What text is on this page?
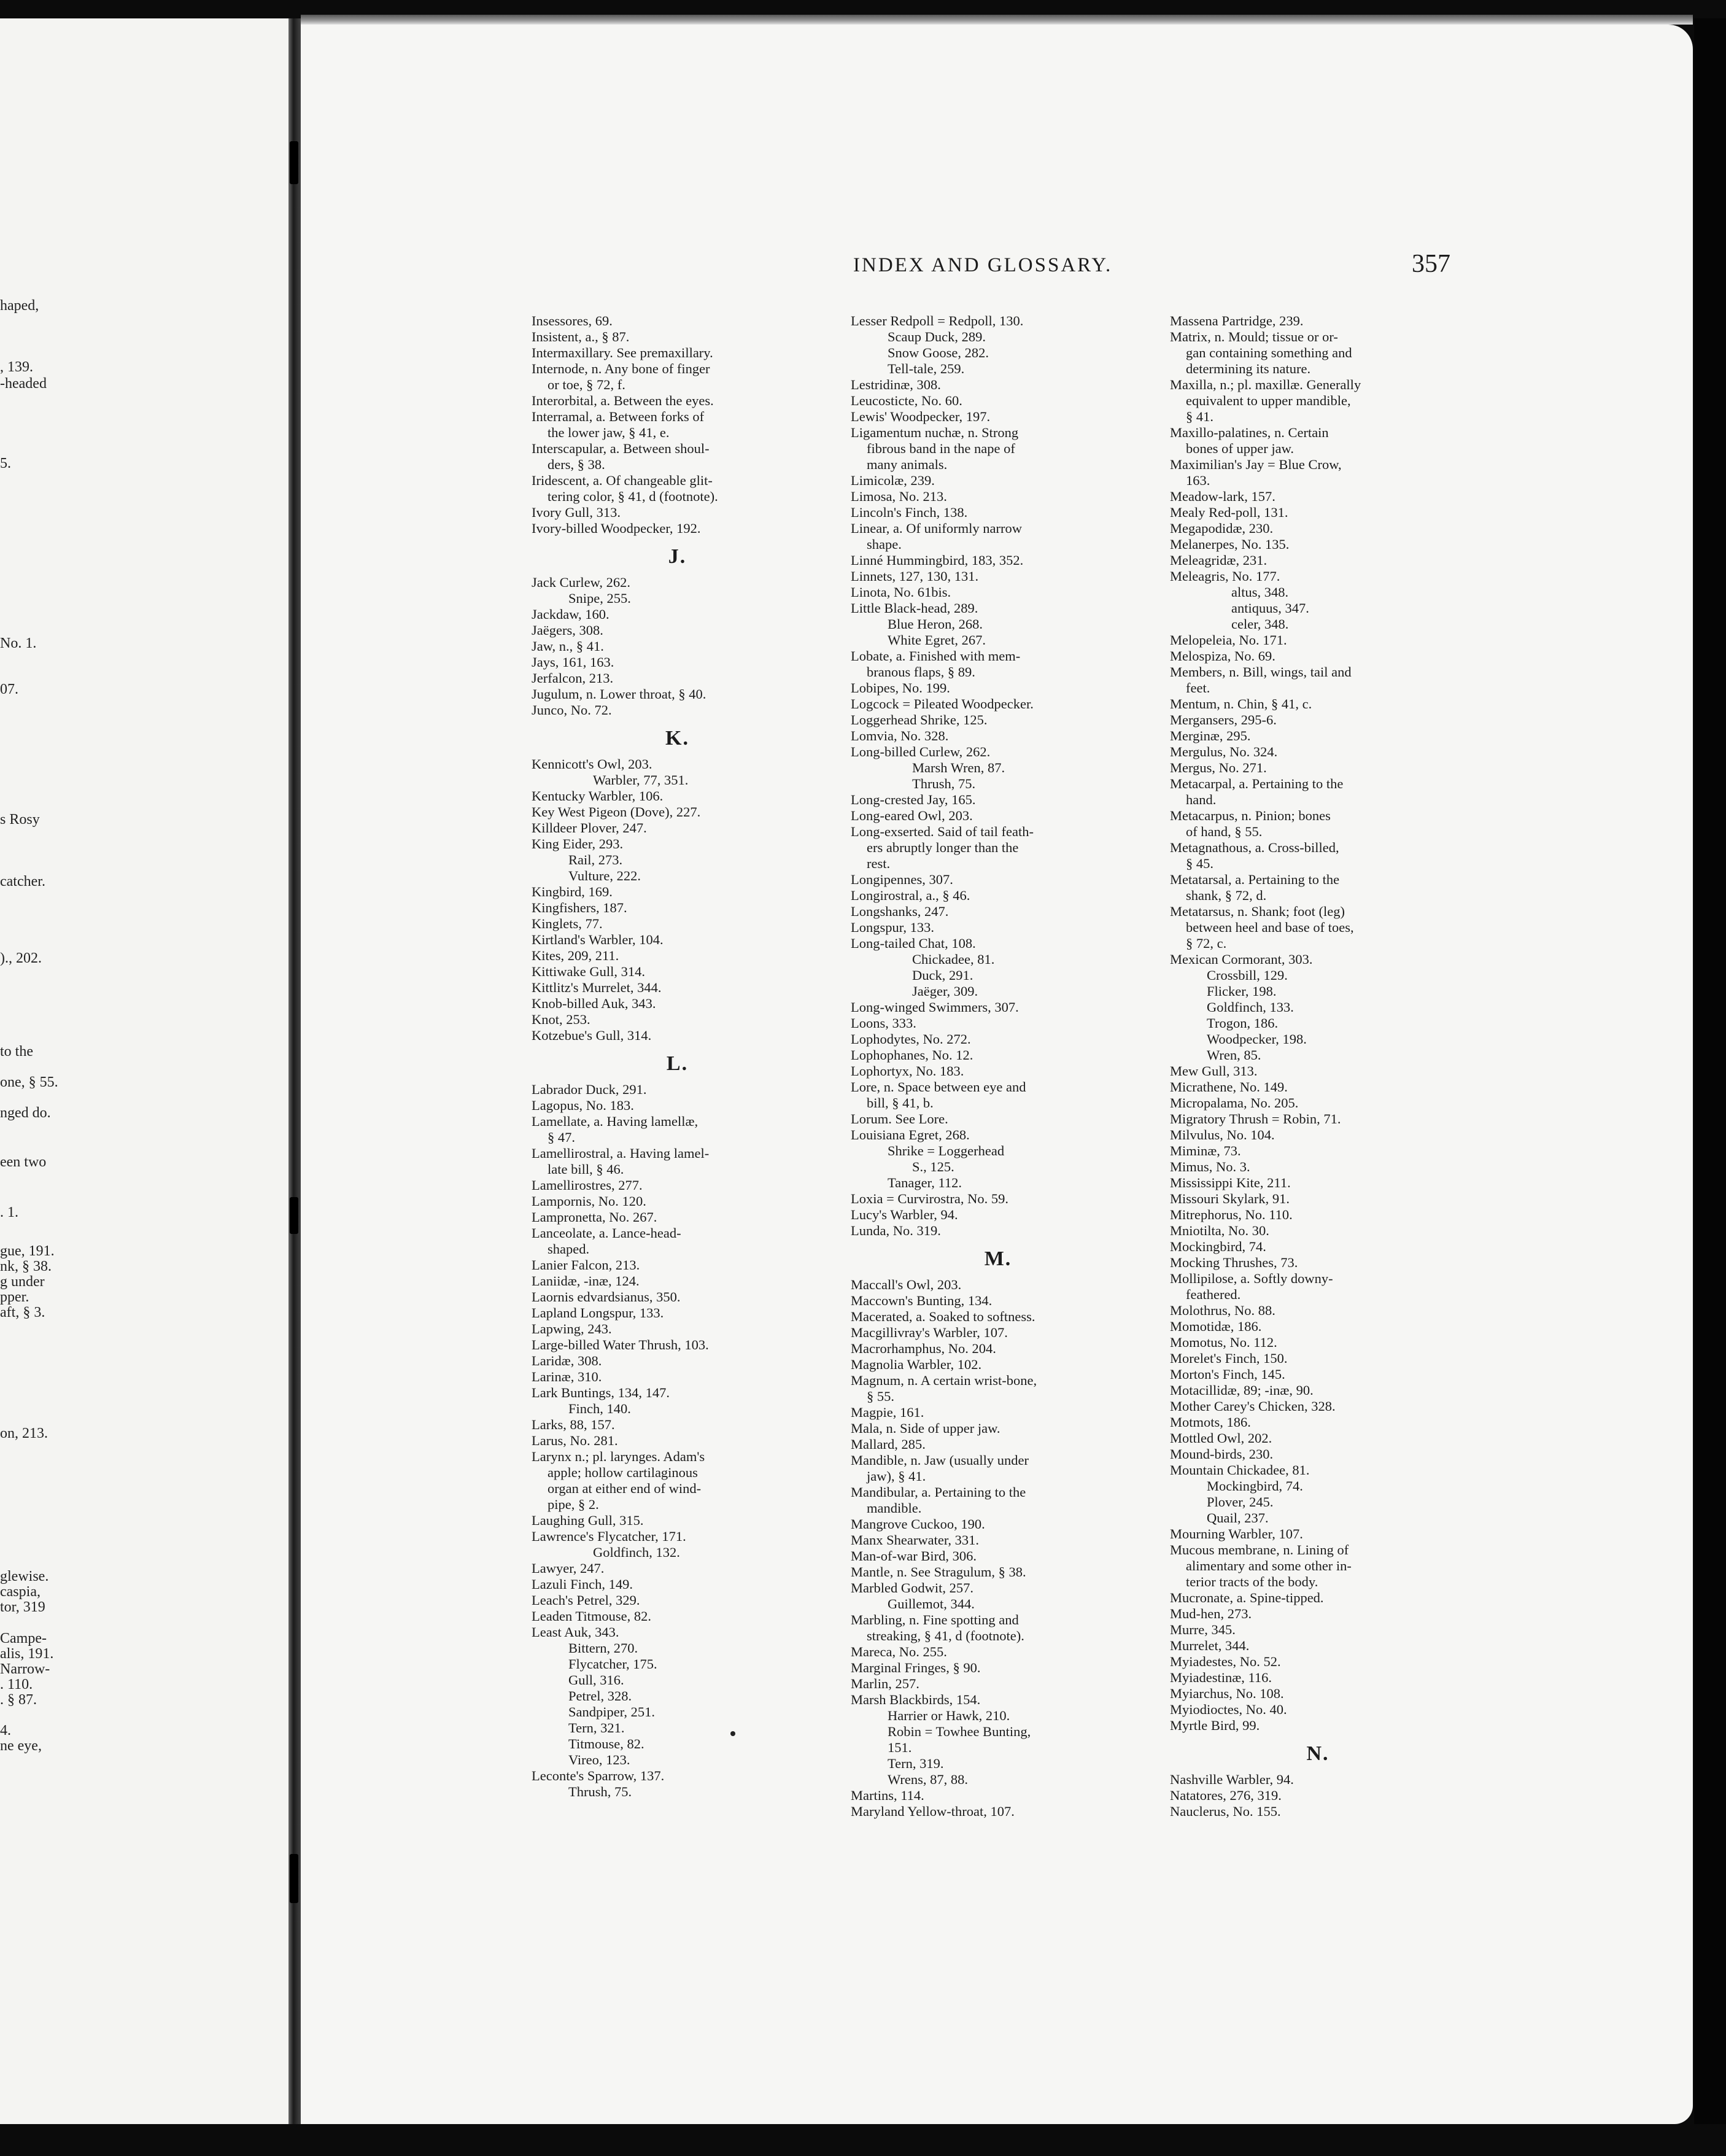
haped,
, 139.
-headed
5.
No. 1.
07.
s Rosy
catcher.
)., 202.
to the
one, § 55.
nged do.
een two
. 1.
gue, 191.
nk, § 38.
g under
pper.
aft, § 3.
on, 213.
glewise.
caspia,
tor, 319
Campe-
alis, 191.
Narrow-
. 110.
. § 87.
4.
ne eye,
INDEX AND GLOSSARY.	357
Insessores, 69.
Insistent, a., § 87.
Intermaxillary. See premaxillary.
Internode, n. Any bone of finger
or toe, § 72, f.
Interorbital, a. Between the eyes.
Interramal, a. Between forks of
the lower jaw, § 41, e.
Interscapular, a. Between shoul-
ders, § 38.
Iridescent, a. Of changeable glit-
tering color, § 41, d (footnote).
Ivory Gull, 313.
Ivory-billed Woodpecker, 192.
J.
Jack Curlew, 262.
Snipe, 255.
Jackdaw, 160.
Jaëgers, 308.
Jaw, n., § 41.
Jays, 161, 163.
Jerfalcon, 213.
Jugulum, n. Lower throat, § 40.
Junco, No. 72.
K.
Kennicott's Owl, 203.
Warbler, 77, 351.
Kentucky Warbler, 106.
Key West Pigeon (Dove), 227.
Killdeer Plover, 247.
King Eider, 293.
Rail, 273.
Vulture, 222.
Kingbird, 169.
Kingfishers, 187.
Kinglets, 77.
Kirtland's Warbler, 104.
Kites, 209, 211.
Kittiwake Gull, 314.
Kittlitz's Murrelet, 344.
Knob-billed Auk, 343.
Knot, 253.
Kotzebue's Gull, 314.
L.
Labrador Duck, 291.
Lagopus, No. 183.
Lamellate, a. Having lamellæ,
§ 47.
Lamellirostral, a. Having lamel-
late bill, § 46.
Lamellirostres, 277.
Lampornis, No. 120.
Lampronetta, No. 267.
Lanceolate, a. Lance-head-
shaped.
Lanier Falcon, 213.
Laniidæ, -inæ, 124.
Laornis edvardsianus, 350.
Lapland Longspur, 133.
Lapwing, 243.
Large-billed Water Thrush, 103.
Laridæ, 308.
Larinæ, 310.
Lark Buntings, 134, 147.
Finch, 140.
Larks, 88, 157.
Larus, No. 281.
Larynx n.; pl. larynges. Adam's
apple; hollow cartilaginous
organ at either end of wind-
pipe, § 2.
Laughing Gull, 315.
Lawrence's Flycatcher, 171.
Goldfinch, 132.
Lawyer, 247.
Lazuli Finch, 149.
Leach's Petrel, 329.
Leaden Titmouse, 82.
Least Auk, 343.
Bittern, 270.
Flycatcher, 175.
Gull, 316.
Petrel, 328.
Sandpiper, 251.
Tern, 321.
Titmouse, 82.
Vireo, 123.
Leconte's Sparrow, 137.
Thrush, 75.
Lesser Redpoll = Redpoll, 130.
Scaup Duck, 289.
Snow Goose, 282.
Tell-tale, 259.
Lestridinæ, 308.
Leucosticte, No. 60.
Lewis' Woodpecker, 197.
Ligamentum nuchæ, n. Strong
fibrous band in the nape of
many animals.
Limicolæ, 239.
Limosa, No. 213.
Lincoln's Finch, 138.
Linear, a. Of uniformly narrow
shape.
Linné Hummingbird, 183, 352.
Linnets, 127, 130, 131.
Linota, No. 61bis.
Little Black-head, 289.
Blue Heron, 268.
White Egret, 267.
Lobate, a. Finished with mem-
branous flaps, § 89.
Lobipes, No. 199.
Logcock = Pileated Woodpecker.
Loggerhead Shrike, 125.
Lomvia, No. 328.
Long-billed Curlew, 262.
Marsh Wren, 87.
Thrush, 75.
Long-crested Jay, 165.
Long-eared Owl, 203.
Long-exserted. Said of tail feath-
ers abruptly longer than the
rest.
Longipennes, 307.
Longirostral, a., § 46.
Longshanks, 247.
Longspur, 133.
Long-tailed Chat, 108.
Chickadee, 81.
Duck, 291.
Jaëger, 309.
Long-winged Swimmers, 307.
Loons, 333.
Lophodytes, No. 272.
Lophophanes, No. 12.
Lophortyx, No. 183.
Lore, n. Space between eye and
bill, § 41, b.
Lorum. See Lore.
Louisiana Egret, 268.
Shrike = Loggerhead
S., 125.
Tanager, 112.
Loxia = Curvirostra, No. 59.
Lucy's Warbler, 94.
Lunda, No. 319.
M.
Maccall's Owl, 203.
Maccown's Bunting, 134.
Macerated, a. Soaked to softness.
Macgillivray's Warbler, 107.
Macrorhamphus, No. 204.
Magnolia Warbler, 102.
Magnum, n. A certain wrist-bone,
§ 55.
Magpie, 161.
Mala, n. Side of upper jaw.
Mallard, 285.
Mandible, n. Jaw (usually under
jaw), § 41.
Mandibular, a. Pertaining to the
mandible.
Mangrove Cuckoo, 190.
Manx Shearwater, 331.
Man-of-war Bird, 306.
Mantle, n. See Stragulum, § 38.
Marbled Godwit, 257.
Guillemot, 344.
Marbling, n. Fine spotting and
streaking, § 41, d (footnote).
Mareca, No. 255.
Marginal Fringes, § 90.
Marlin, 257.
Marsh Blackbirds, 154.
Harrier or Hawk, 210.
Robin = Towhee Bunting,
151.
Tern, 319.
Wrens, 87, 88.
Martins, 114.
Maryland Yellow-throat, 107.
Massena Partridge, 239.
Matrix, n. Mould; tissue or or-
gan containing something and
determining its nature.
Maxilla, n.; pl. maxillæ. Generally
equivalent to upper mandible,
§ 41.
Maxillo-palatines, n. Certain
bones of upper jaw.
Maximilian's Jay = Blue Crow,
163.
Meadow-lark, 157.
Mealy Red-poll, 131.
Megapodidæ, 230.
Melanerpes, No. 135.
Meleagridæ, 231.
Meleagris, No. 177.
altus, 348.
antiquus, 347.
celer, 348.
Melopeleia, No. 171.
Melospiza, No. 69.
Members, n. Bill, wings, tail and
feet.
Mentum, n. Chin, § 41, c.
Mergansers, 295-6.
Merginæ, 295.
Mergulus, No. 324.
Mergus, No. 271.
Metacarpal, a. Pertaining to the
hand.
Metacarpus, n. Pinion; bones
of hand, § 55.
Metagnathous, a. Cross-billed,
§ 45.
Metatarsal, a. Pertaining to the
shank, § 72, d.
Metatarsus, n. Shank; foot (leg)
between heel and base of toes,
§ 72, c.
Mexican Cormorant, 303.
Crossbill, 129.
Flicker, 198.
Goldfinch, 133.
Trogon, 186.
Woodpecker, 198.
Wren, 85.
Mew Gull, 313.
Micrathene, No. 149.
Micropalama, No. 205.
Migratory Thrush = Robin, 71.
Milvulus, No. 104.
Miminæ, 73.
Mimus, No. 3.
Mississippi Kite, 211.
Missouri Skylark, 91.
Mitrephorus, No. 110.
Mniotilta, No. 30.
Mockingbird, 74.
Mocking Thrushes, 73.
Mollipilose, a. Softly downy-
feathered.
Molothrus, No. 88.
Momotidæ, 186.
Momotus, No. 112.
Morelet's Finch, 150.
Morton's Finch, 145.
Motacillidæ, 89; -inæ, 90.
Mother Carey's Chicken, 328.
Motmots, 186.
Mottled Owl, 202.
Mound-birds, 230.
Mountain Chickadee, 81.
Mockingbird, 74.
Plover, 245.
Quail, 237.
Mourning Warbler, 107.
Mucous membrane, n. Lining of
alimentary and some other in-
terior tracts of the body.
Mucronate, a. Spine-tipped.
Mud-hen, 273.
Murre, 345.
Murrelet, 344.
Myiadestes, No. 52.
Myiadestinæ, 116.
Myiarchus, No. 108.
Myiodioctes, No. 40.
Myrtle Bird, 99.
N.
Nashville Warbler, 94.
Natatores, 276, 319.
Nauclerus, No. 155.
